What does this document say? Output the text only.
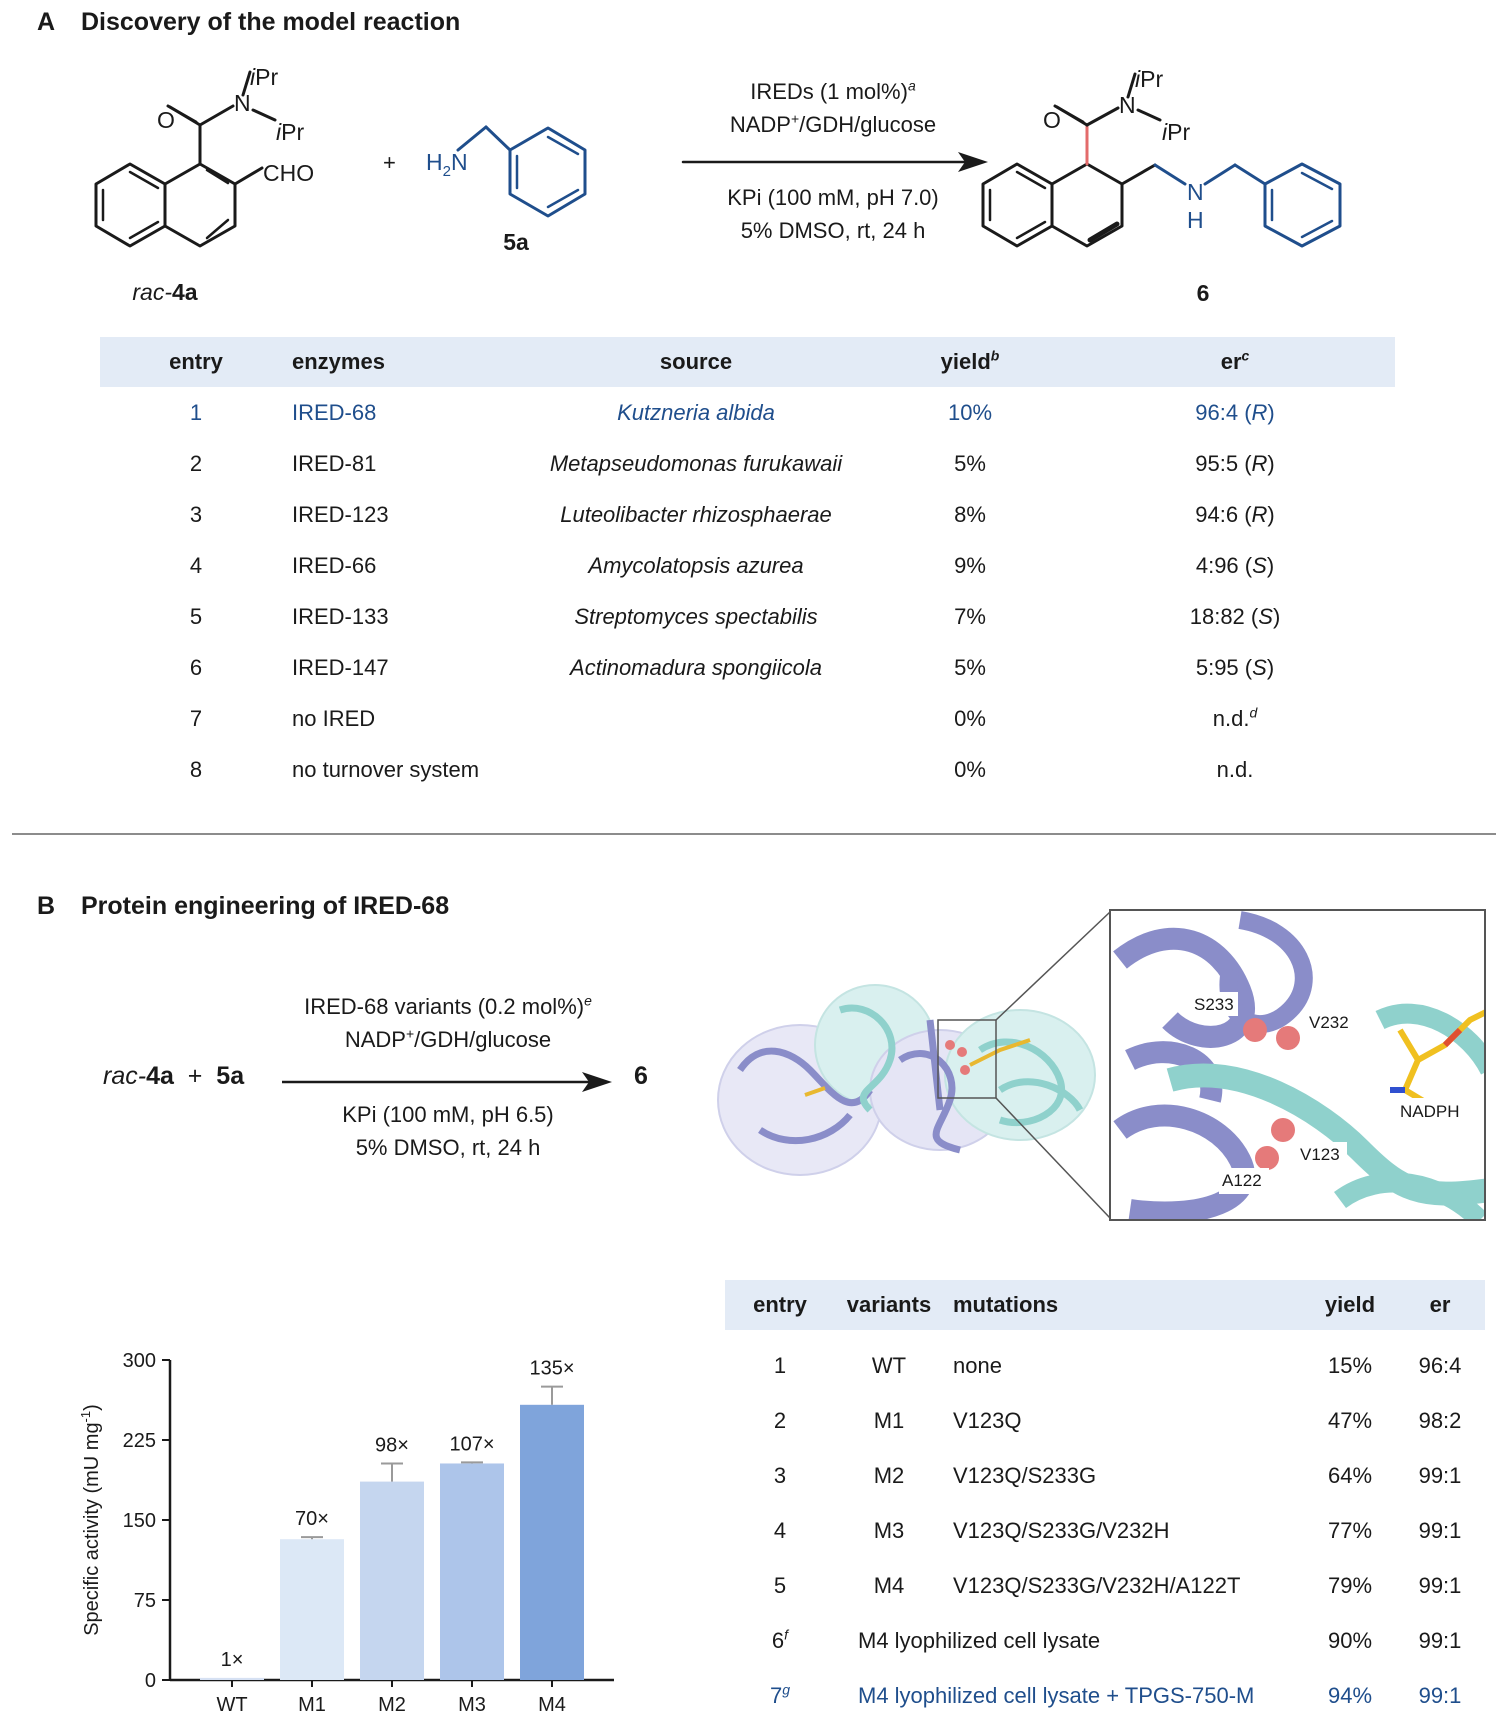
A Discovery of the model reaction
O
N
iPr
iPr
CHO
O
N
iPr
iPr
$H_2N$
N
H
+
rac-4a
5a
6
IREDs (1 mol%)$^a$
NADP+/GDH/glucose
KPi (100 mM, pH 7.0)
5% DMSO, rt, 24 h
entry	enzymes	source	yield$^b$	$er^c$
1	IRED-68	Kutzneria albida	10%	96:4 (R)
2	IRED-81	Metapseudomonas furukawaii	5%	95:5 (R)
3	IRED-123	Luteolibacter rhizosphaerae	8%	94:6 (R)
4	IRED-66	Amycolatopsis azurea	9%	4:96 (S)
5	IRED-133	Streptomyces spectabilis	7%	18:82 (S)
6	IRED-147	Actinomadura spongiicola	5%	5:95 (S)
7	no IRED		0%	n.d.$^d$
8	no turnover system		0%	n.d.
B Protein engineering of IRED-68
rac-4a + 5a	6
IRED-68 variants (0.2 mol%)$^e$
NADP+/GDH/glucose
KPi (100 mM, pH 6.5)
5% DMSO, rt, 24 h
S233
V232
NADPH
V123
A122
0
75
150
225
300
Specific activity (mU $mg^{-1}$)
1×
WT
70×
M1
98×
M2
107×
M3
135×
M4
entry	variants	mutations	yield	er

1	WT	none	15%	96:4
2	M1	V123Q	47%	98:2
3	M2	V123Q/S233G	64%	99:1
4	M3	V123Q/S233G/V232H	77%	99:1
5	M4	V123Q/S233G/V232H/A122T	79%	99:1
6$^f$	M4 lyophilized cell lysate		90%	99:1
7$^g$	M4 lyophilized cell lysate + TPGS-750-M		94%	99:1
